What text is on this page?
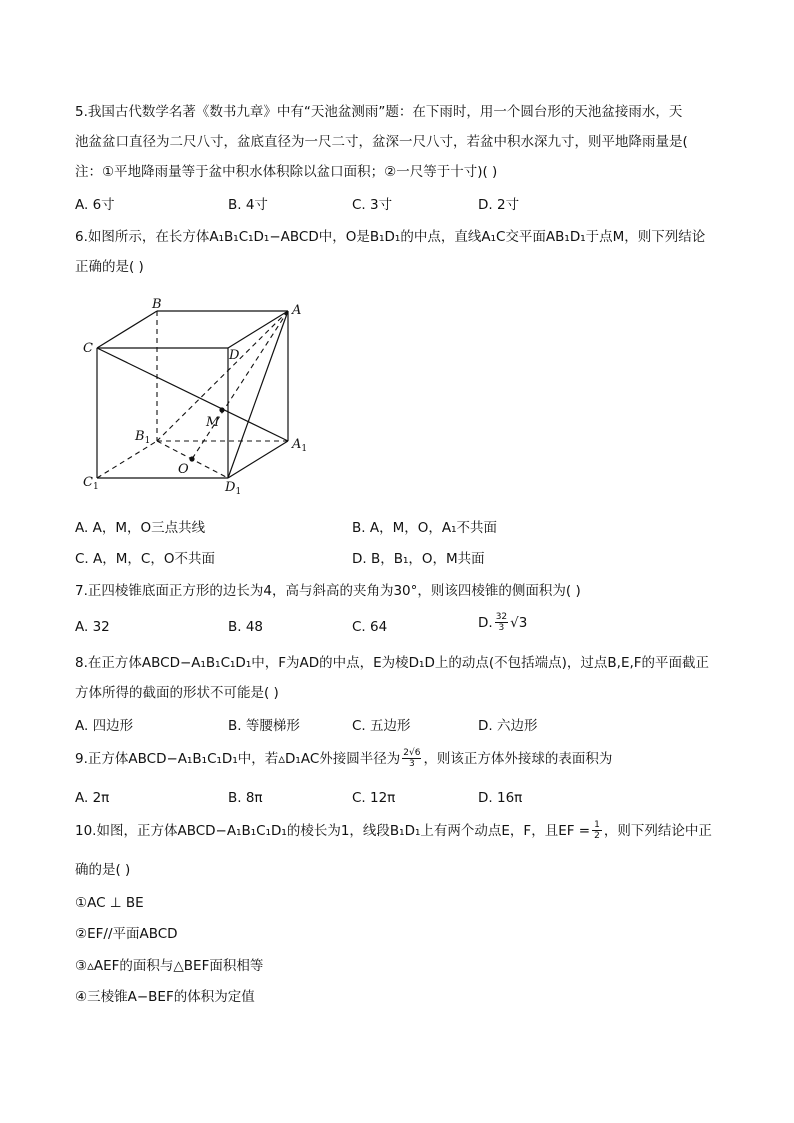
5.我国古代数学名著《数书九章》中有“天池盆测雨”题：在下雨时，用一个圆台形的天池盆接雨水，天
池盆盆口直径为二尺八寸，盆底直径为一尺二寸，盆深一尺八寸，若盆中积水深九寸，则平地降雨量是(
注：①平地降雨量等于盆中积水体积除以盆口面积；②一尺等于十寸)( )
A. 6寸	B. 4寸	C. 3寸	D. 2寸
6.如图所示，在长方体A₁B₁C₁D₁−ABCD中，O是B₁D₁的中点，直线A₁C交平面AB₁D₁于点M，则下列结论
正确的是( )
B	A
C	D
M
$B_1$	$A_1$
O
$C_1$	$D_1$
A. A，M，O三点共线	B. A，M，O，A₁不共面
C. A，M，C，O不共面	D. B，B₁，O，M共面
7.正四棱锥底面正方形的边长为4，高与斜高的夹角为30°，则该四棱锥的侧面积为( )
A. 32	B. 48	C. 64	D. 32
3 √3
8.在正方体ABCD−A₁B₁C₁D₁中，F为AD的中点，E为棱D₁D上的动点(不包括端点)，过点B,E,F的平面截正
方体所得的截面的形状不可能是( )
A. 四边形	B. 等腰梯形	C. 五边形	D. 六边形
9.正方体ABCD−A₁B₁C₁D₁中，若▵D₁AC外接圆半径为 2√6
3 ，则该正方体外接球的表面积为
A. 2π	B. 8π	C. 12π	D. 16π
10.如图，正方体ABCD−A₁B₁C₁D₁的棱长为1，线段B₁D₁上有两个动点E，F，且EF = $\frac{1}{2}$ ，则下列结论中正
确的是( )
①AC ⊥ BE
②EF//平面ABCD
③▵AEF的面积与△BEF面积相等
④三棱锥A−BEF的体积为定值
